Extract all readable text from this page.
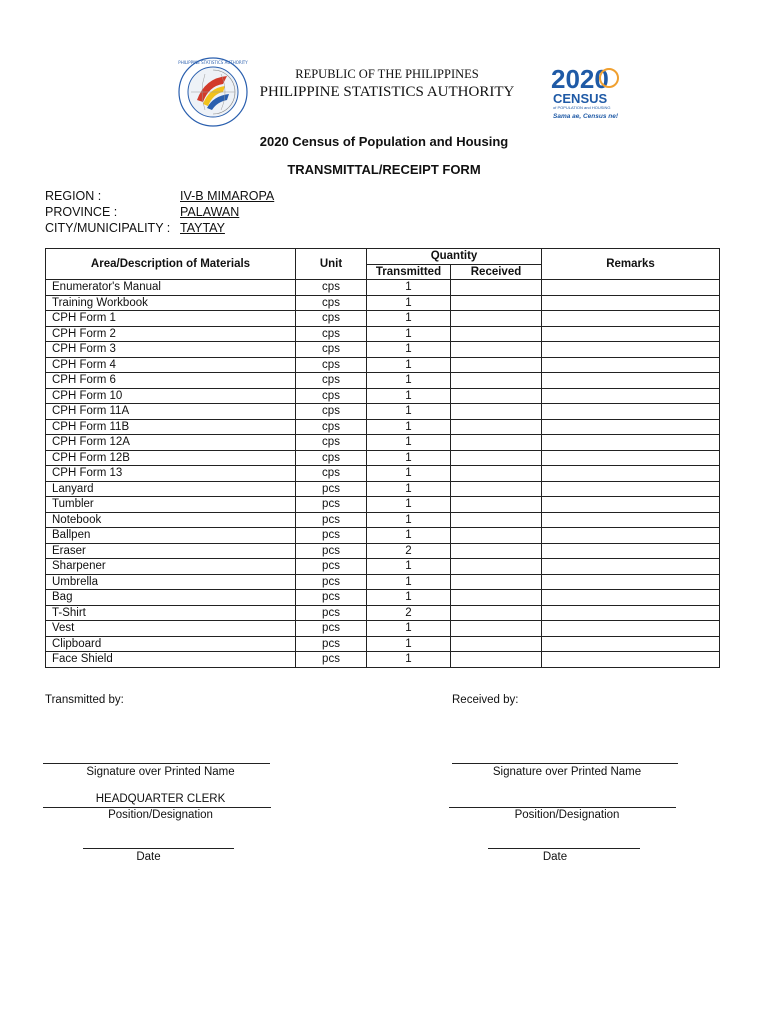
PHILIPPINE STATISTICS AUTHORITY
2020
CENSUS
of POPULATION and HOUSING
Sama ae, Census ne!
REPUBLIC OF THE PHILIPPINES
PHILIPPINE STATISTICS AUTHORITY
2020 Census of Population and Housing
TRANSMITTAL/RECEIPT FORM
REGION :	IV-B MIMAROPA
PROVINCE :	PALAWAN
CITY/MUNICIPALITY : TAYTAY
Area/Description of Materials	Unit	Quantity		Remarks
		Transmitted	Received	
Enumerator's Manual	cps	1		
Training Workbook	cps	1		
CPH Form 1	cps	1		
CPH Form 2	cps	1		
CPH Form 3	cps	1		
CPH Form 4	cps	1		
CPH Form 6	cps	1		
CPH Form 10	cps	1		
CPH Form 11A	cps	1		
CPH Form 11B	cps	1		
CPH Form 12A	cps	1		
CPH Form 12B	cps	1		
CPH Form 13	cps	1		
Lanyard	pcs	1		
Tumbler	pcs	1		
Notebook	pcs	1		
Ballpen	pcs	1		
Eraser	pcs	2		
Sharpener	pcs	1		
Umbrella	pcs	1		
Bag	pcs	1		
T-Shirt	pcs	2		
Vest	pcs	1		
Clipboard	pcs	1		
Face Shield	pcs	1		
Transmitted by:	Received by:
Signature over Printed Name	Signature over Printed Name
HEADQUARTER CLERK
Position/Designation	Position/Designation
Date	Date
